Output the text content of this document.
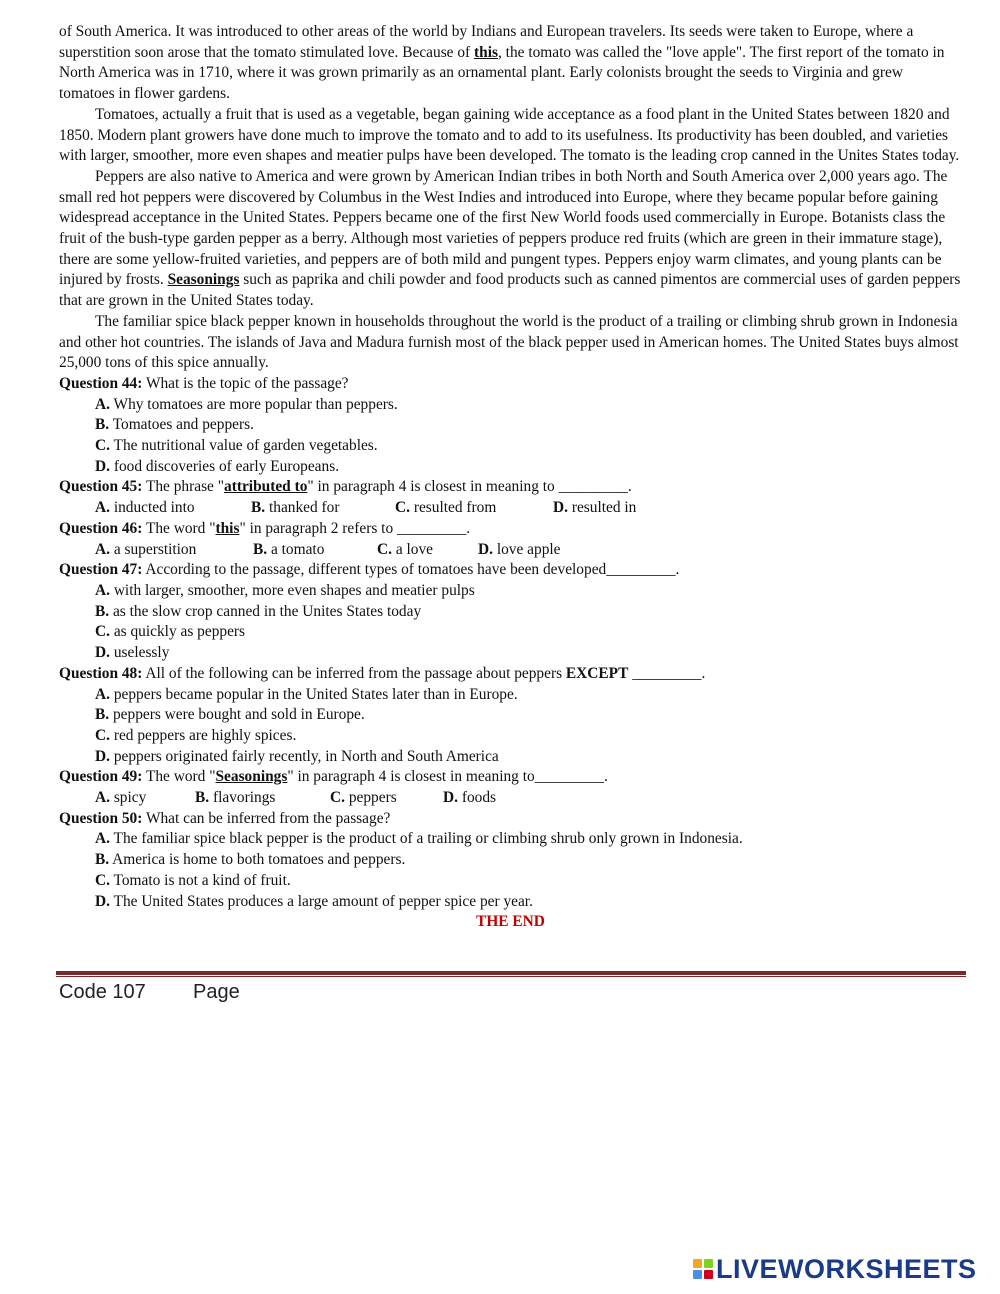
of South America. It was introduced to other areas of the world by Indians and European travelers. Its seeds were taken to Europe, where a superstition soon arose that the tomato stimulated love. Because of this, the tomato was called the "love apple". The first report of the tomato in North America was in 1710, where it was grown primarily as an ornamental plant. Early colonists brought the seeds to Virginia and grew tomatoes in flower gardens.

Tomatoes, actually a fruit that is used as a vegetable, began gaining wide acceptance as a food plant in the United States between 1820 and 1850. Modern plant growers have done much to improve the tomato and to add to its usefulness. Its productivity has been doubled, and varieties with larger, smoother, more even shapes and meatier pulps have been developed. The tomato is the leading crop canned in the Unites States today.

Peppers are also native to America and were grown by American Indian tribes in both North and South America over 2,000 years ago. The small red hot peppers were discovered by Columbus in the West Indies and introduced into Europe, where they became popular before gaining widespread acceptance in the United States. Peppers became one of the first New World foods used commercially in Europe. Botanists class the fruit of the bush-type garden pepper as a berry. Although most varieties of peppers produce red fruits (which are green in their immature stage), there are some yellow-fruited varieties, and peppers are of both mild and pungent types. Peppers enjoy warm climates, and young plants can be injured by frosts. Seasonings such as paprika and chili powder and food products such as canned pimentos are commercial uses of garden peppers that are grown in the United States today.

The familiar spice black pepper known in households throughout the world is the product of a trailing or climbing shrub grown in Indonesia and other hot countries. The islands of Java and Madura furnish most of the black pepper used in American homes. The United States buys almost 25,000 tons of this spice annually.

Question 44: What is the topic of the passage?

A. Why tomatoes are more popular than peppers.

B. Tomatoes and peppers.

C. The nutritional value of garden vegetables.

D. food discoveries of early Europeans.

Question 45: The phrase "attributed to" in paragraph 4 is closest in meaning to _________.

A. inducted into	B. thanked for	C. resulted from	D. resulted in

Question 46: The word "this" in paragraph 2 refers to _________.

A. a superstition	B. a tomato	C. a love	D. love apple

Question 47: According to the passage, different types of tomatoes have been developed_________.

A. with larger, smoother, more even shapes and meatier pulps

B. as the slow crop canned in the Unites States today

C. as quickly as peppers

D. uselessly

Question 48: All of the following can be inferred from the passage about peppers EXCEPT _________.

A. peppers became popular in the United States later than in Europe.

B. peppers were bought and sold in Europe.

C. red peppers are highly spices.

D. peppers originated fairly recently, in North and South America

Question 49: The word "Seasonings" in paragraph 4 is closest in meaning to_________.

A. spicy	B. flavorings	C. peppers	D. foods

Question 50: What can be inferred from the passage?

A. The familiar spice black pepper is the product of a trailing or climbing shrub only grown in Indonesia.

B. America is home to both tomatoes and peppers.

C. Tomato is not a kind of fruit.

D. The United States produces a large amount of pepper spice per year.

THE END

Code 107 Page
LIVEWORKSHEETS
